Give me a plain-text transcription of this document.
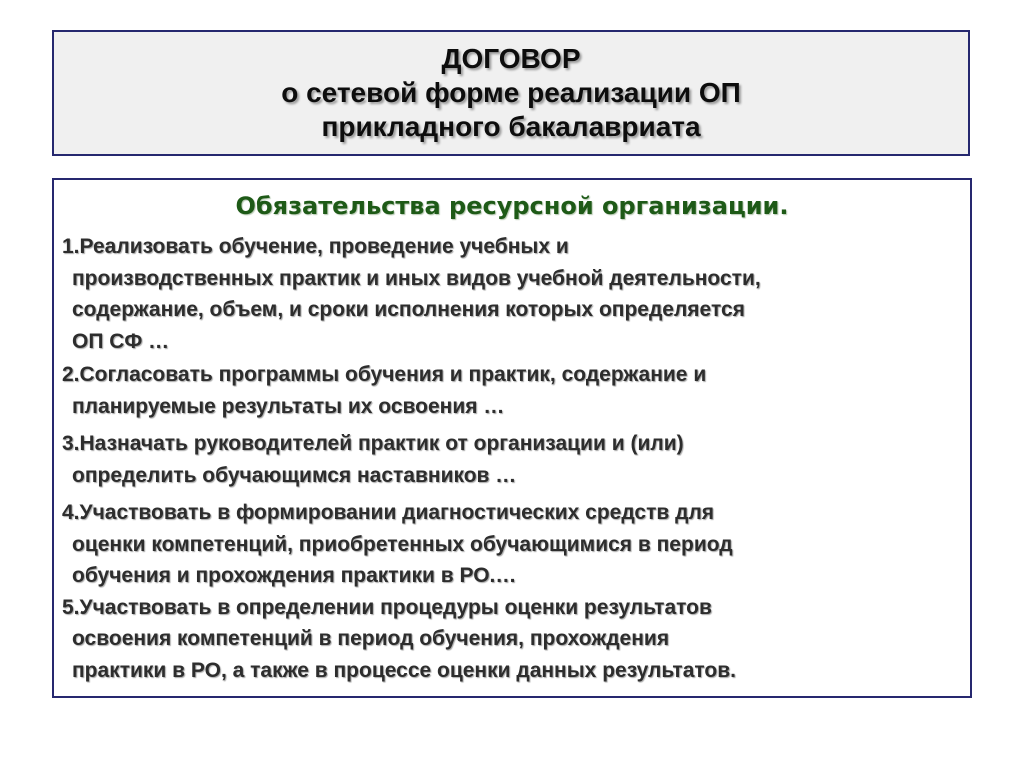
ДОГОВОР
о сетевой форме реализации ОП
прикладного бакалавриата
Обязательства ресурсной организации.
1.Реализовать обучение, проведение учебных и
производственных практик и иных видов учебной деятельности,
содержание, объем, и сроки исполнения которых определяется
ОП СФ …
2.Согласовать программы обучения и практик, содержание и
планируемые результаты их освоения …
3.Назначать руководителей практик от организации и (или)
определить обучающимся наставников …
4.Участвовать в формировании диагностических средств для
оценки компетенций, приобретенных обучающимися в период
обучения и прохождения практики в РО.…
5.Участвовать в определении процедуры оценки результатов
освоения компетенций в период обучения, прохождения
практики в РО, а также в процессе оценки данных результатов.
